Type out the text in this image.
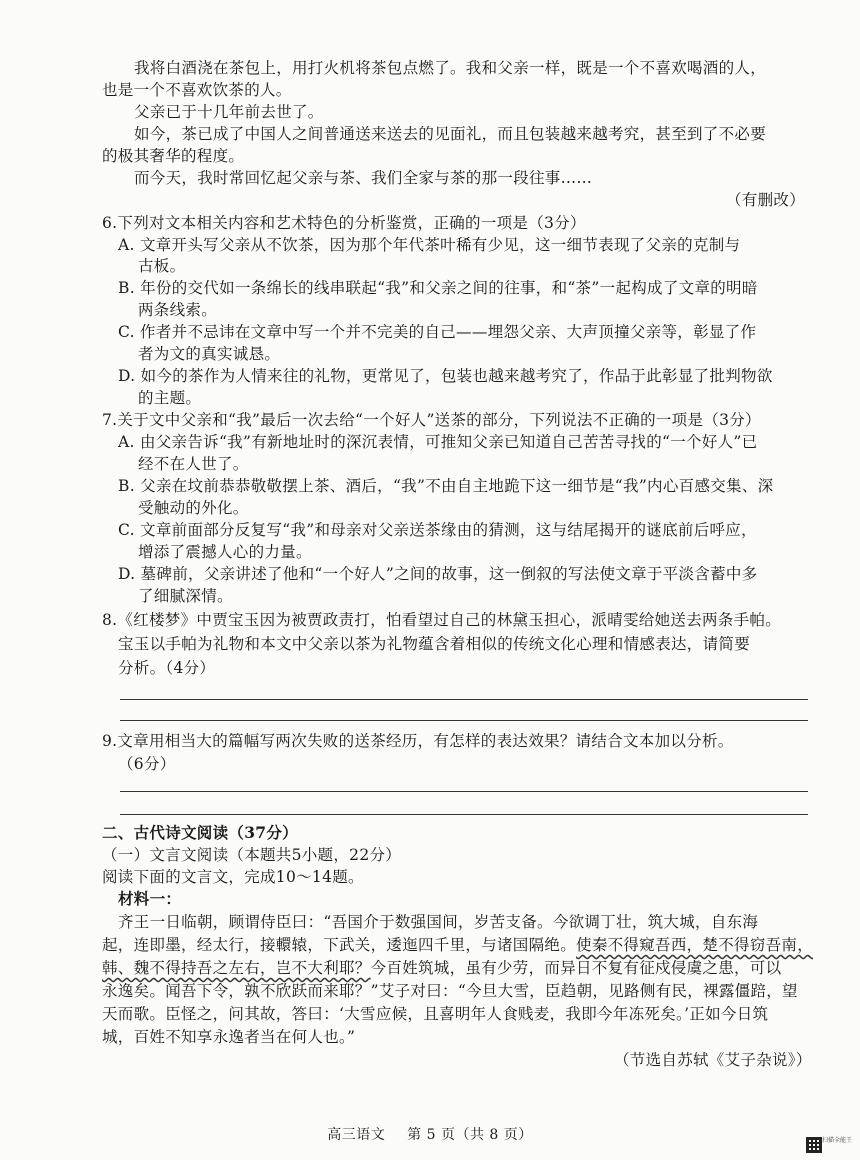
我将白酒浇在茶包上，用打火机将茶包点燃了。我和父亲一样，既是一个不喜欢喝酒的人，
也是一个不喜欢饮茶的人。
父亲已于十几年前去世了。
如今，茶已成了中国人之间普通送来送去的见面礼，而且包装越来越考究，甚至到了不必要
的极其奢华的程度。
而今天，我时常回忆起父亲与茶、我们全家与茶的那一段往事……
（有删改）
6.下列对文本相关内容和艺术特色的分析鉴赏，正确的一项是（3分）
A. 文章开头写父亲从不饮茶，因为那个年代茶叶稀有少见，这一细节表现了父亲的克制与
古板。
B. 年份的交代如一条绵长的线串联起“我”和父亲之间的往事，和“茶”一起构成了文章的明暗
两条线索。
C. 作者并不忌讳在文章中写一个并不完美的自己——埋怨父亲、大声顶撞父亲等，彰显了作
者为文的真实诚恳。
D. 如今的茶作为人情来往的礼物，更常见了，包装也越来越考究了，作品于此彰显了批判物欲
的主题。
7.关于文中父亲和“我”最后一次去给“一个好人”送茶的部分，下列说法不正确的一项是（3分）
A. 由父亲告诉“我”有新地址时的深沉表情，可推知父亲已知道自己苦苦寻找的“一个好人”已
经不在人世了。
B. 父亲在坟前恭恭敬敬摆上茶、酒后，“我”不由自主地跪下这一细节是“我”内心百感交集、深
受触动的外化。
C. 文章前面部分反复写“我”和母亲对父亲送茶缘由的猜测，这与结尾揭开的谜底前后呼应，
增添了震撼人心的力量。
D. 墓碑前，父亲讲述了他和“一个好人”之间的故事，这一倒叙的写法使文章于平淡含蓄中多
了细腻深情。
8.《红楼梦》中贾宝玉因为被贾政责打，怕看望过自己的林黛玉担心，派晴雯给她送去两条手帕。
宝玉以手帕为礼物和本文中父亲以茶为礼物蕴含着相似的传统文化心理和情感表达，请简要
分析。（4分）
9.文章用相当大的篇幅写两次失败的送茶经历，有怎样的表达效果？请结合文本加以分析。
（6分）
二、古代诗文阅读（37分）
（一）文言文阅读（本题共5小题，22分）
阅读下面的文言文，完成10～14题。
材料一：
齐王一日临朝，顾谓侍臣曰：“吾国介于数强国间，岁苦支备。今欲调丁壮，筑大城，自东海
起，连即墨，经太行，接轘辕，下武关，逶迤四千里，与诸国隔绝。使秦不得窥吾西，楚不得窃吾南，
韩、魏不得持吾之左右，岂不大利耶？今百姓筑城，虽有少劳，而异日不复有征戍侵虞之患，可以
永逸矣。闻吾下令，孰不欣跃而来耶？”艾子对曰：“今旦大雪，臣趋朝，见路侧有民，裸露僵踣，望
天而歌。臣怪之，问其故，答曰：‘大雪应候，且喜明年人食贱麦，我即今年冻死矣。’正如今日筑
城，百姓不知享永逸者当在何人也。”
（节选自苏轼《艾子杂说》）
高三语文 第 5 页（共 8 页）	扫描全能王
